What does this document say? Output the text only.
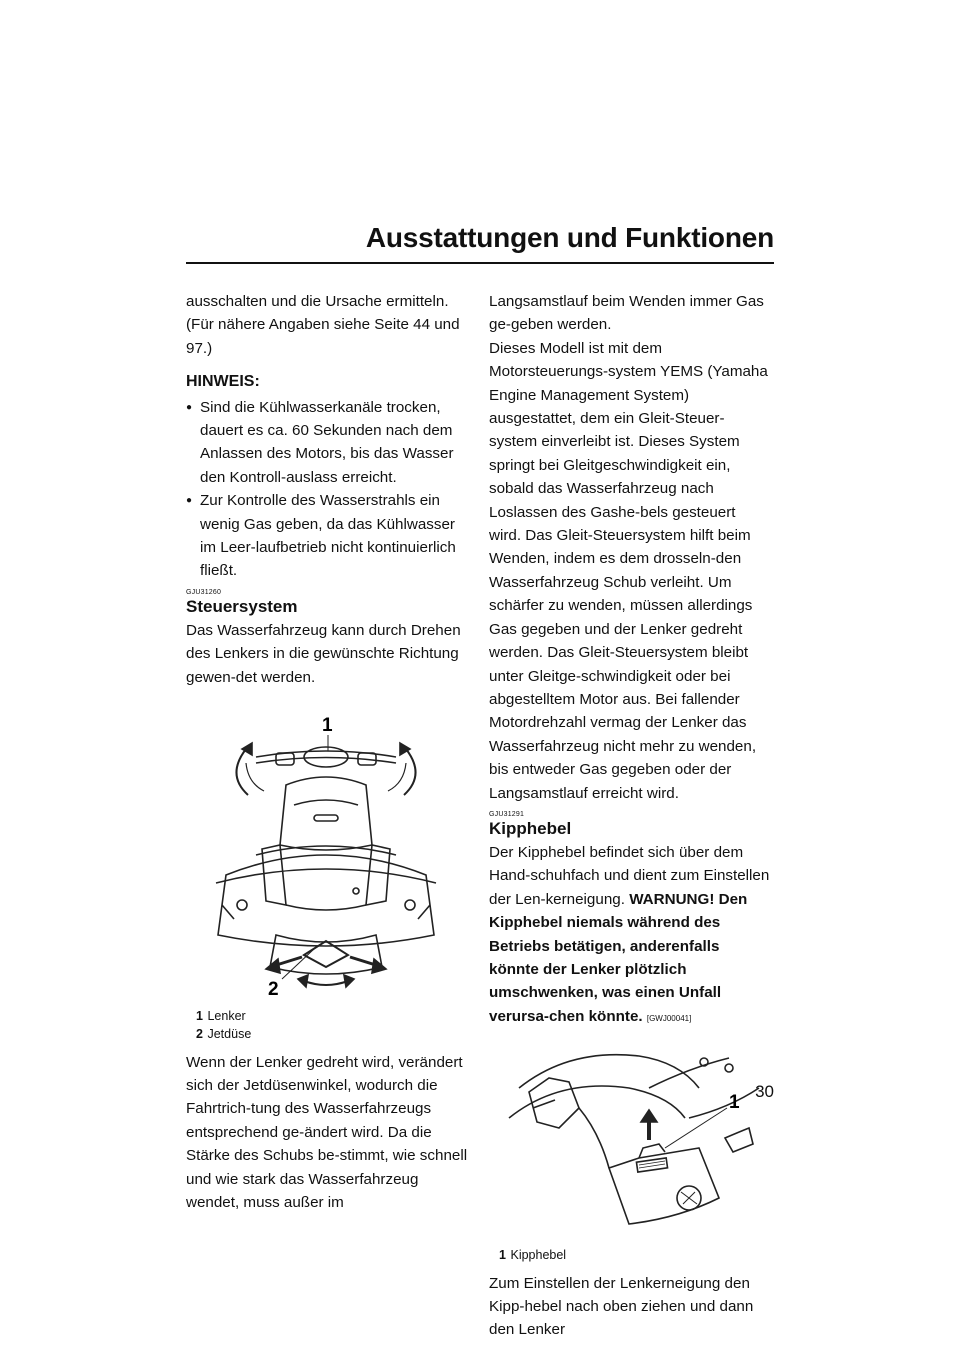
Ausstattungen und Funktionen

ausschalten und die Ursache ermitteln. (Für nähere Angaben siehe Seite 44 und 97.)

HINWEIS:
● Sind die Kühlwasserkanäle trocken, dauert es ca. 60 Sekunden nach dem Anlassen des Motors, bis das Wasser den Kontroll-auslass erreicht.
● Zur Kontrolle des Wasserstrahls ein wenig Gas geben, da das Kühlwasser im Leer-laufbetrieb nicht kontinuierlich fließt.
GJU31260
Steuersystem

Das Wasserfahrzeug kann durch Drehen des Lenkers in die gewünschte Richtung gewen-det werden.

1
2
1 Lenker
2 Jetdüse

Wenn der Lenker gedreht wird, verändert sich der Jetdüsenwinkel, wodurch die Fahrtrich-tung des Wasserfahrzeugs entsprechend ge-ändert wird. Da die Stärke des Schubs be-stimmt, wie schnell und wie stark das Wasserfahrzeug wendet, muss außer im

Langsamstlauf beim Wenden immer Gas ge-geben werden.

Dieses Modell ist mit dem Motorsteuerungs-system YEMS (Yamaha Engine Management System) ausgestattet, dem ein Gleit-Steuer-system einverleibt ist. Dieses System springt bei Gleitgeschwindigkeit ein, sobald das Wasserfahrzeug nach Loslassen des Gashe-bels gesteuert wird. Das Gleit-Steuersystem hilft beim Wenden, indem es dem drosseln-den Wasserfahrzeug Schub verleiht. Um schärfer zu wenden, müssen allerdings Gas gegeben und der Lenker gedreht werden. Das Gleit-Steuersystem bleibt unter Gleitge-schwindigkeit oder bei abgestelltem Motor aus. Bei fallender Motordrehzahl vermag der Lenker das Wasserfahrzeug nicht mehr zu wenden, bis entweder Gas gegeben oder der Langsamstlauf erreicht wird.

GJU31291
Kipphebel

Der Kipphebel befindet sich über dem Hand-schuhfach und dient zum Einstellen der Len-kerneigung. WARNUNG! Den Kipphebel niemals während des Betriebs betätigen, anderenfalls könnte der Lenker plötzlich umschwenken, was einen Unfall verursa-chen könnte. [GWJ00041]

1
1 Kipphebel

Zum Einstellen der Lenkerneigung den Kipp-hebel nach oben ziehen und dann den Lenker

30
